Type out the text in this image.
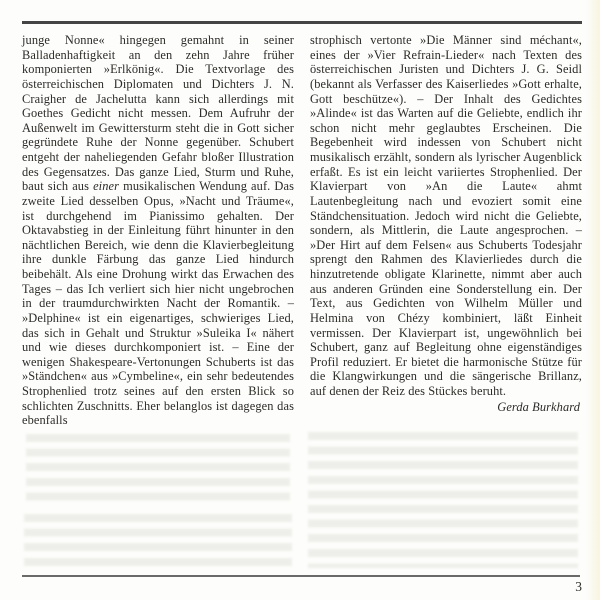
junge Nonne« hingegen gemahnt in seiner Balladenhaftigkeit an den zehn Jahre früher komponierten »Erlkönig«. Die Textvorlage des österreichischen Diplomaten und Dichters J. N. Craigher de Jachelutta kann sich allerdings mit Goethes Gedicht nicht messen. Dem Aufruhr der Außenwelt im Gewittersturm steht die in Gott sicher gegründete Ruhe der Nonne gegenüber. Schubert entgeht der naheliegenden Gefahr bloßer Illustration des Gegensatzes. Das ganze Lied, Sturm und Ruhe, baut sich aus einer musikalischen Wendung auf. Das zweite Lied desselben Opus, »Nacht und Träume«, ist durchgehend im Pianissimo gehalten. Der Oktavabstieg in der Einleitung führt hinunter in den nächtlichen Bereich, wie denn die Klavierbegleitung ihre dunkle Färbung das ganze Lied hindurch beibehält. Als eine Drohung wirkt das Erwachen des Tages – das Ich verliert sich hier nicht ungebrochen in der traumdurchwirkten Nacht der Romantik. – »Delphine« ist ein eigenartiges, schwieriges Lied, das sich in Gehalt und Struktur »Suleika I« nähert und wie dieses durchkomponiert ist. – Eine der wenigen Shakespeare-Vertonungen Schuberts ist das »Ständchen« aus »Cymbeline«, ein sehr bedeutendes Strophenlied trotz seines auf den ersten Blick so schlichten Zuschnitts. Eher belanglos ist dagegen das ebenfalls

strophisch vertonte »Die Männer sind méchant«, eines der »Vier Refrain-Lieder« nach Texten des österreichischen Juristen und Dichters J. G. Seidl (bekannt als Verfasser des Kaiserliedes »Gott erhalte, Gott beschütze«). – Der Inhalt des Gedichtes »Alinde« ist das Warten auf die Geliebte, endlich ihr schon nicht mehr geglaubtes Erscheinen. Die Begebenheit wird indessen von Schubert nicht musikalisch erzählt, sondern als lyrischer Augenblick erfaßt. Es ist ein leicht variiertes Strophenlied. Der Klavierpart von »An die Laute« ahmt Lautenbegleitung nach und evoziert somit eine Ständchensituation. Jedoch wird nicht die Geliebte, sondern, als Mittlerin, die Laute angesprochen. – »Der Hirt auf dem Felsen« aus Schuberts Todesjahr sprengt den Rahmen des Klavierliedes durch die hinzutretende obligate Klarinette, nimmt aber auch aus anderen Gründen eine Sonderstellung ein. Der Text, aus Gedichten von Wilhelm Müller und Helmina von Chézy kombiniert, läßt Einheit vermissen. Der Klavierpart ist, ungewöhnlich bei Schubert, ganz auf Begleitung ohne eigenständiges Profil reduziert. Er bietet die harmonische Stütze für die Klangwirkungen und die sängerische Brillanz, auf denen der Reiz des Stückes beruht.

Gerda Burkhard
3
